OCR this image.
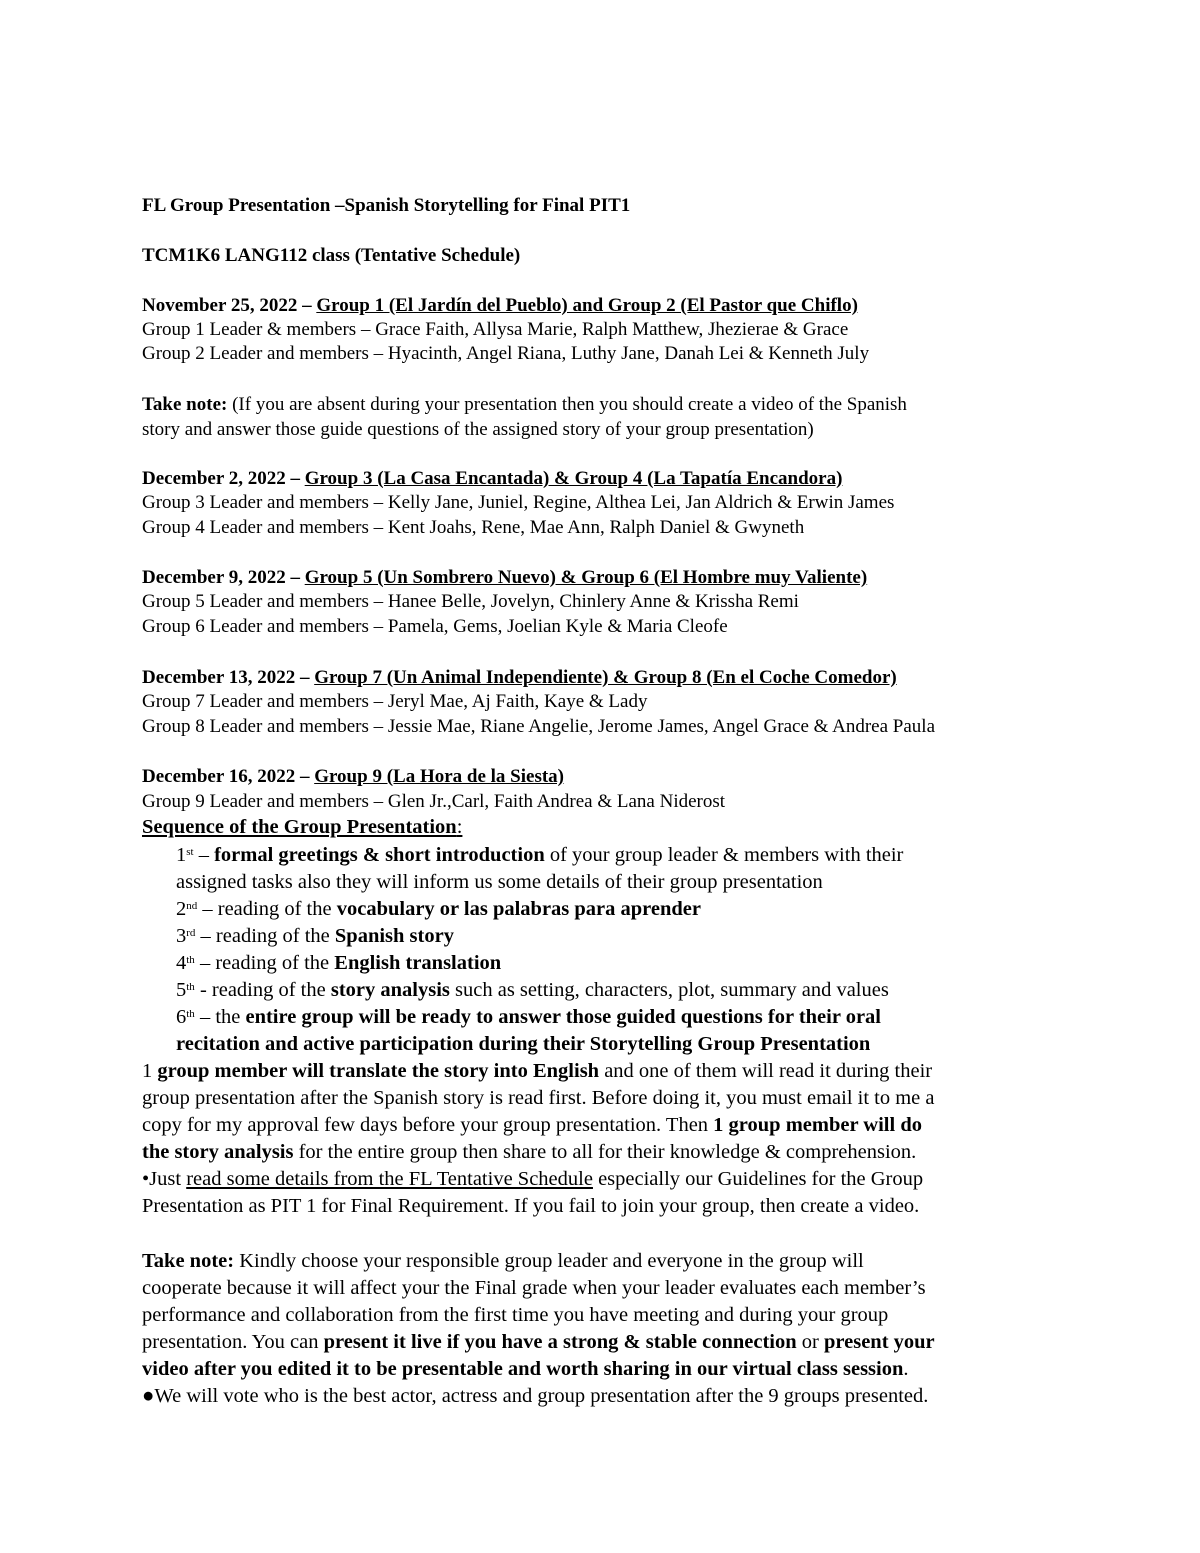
FL Group Presentation –Spanish Storytelling for Final PIT1
TCM1K6 LANG112 class (Tentative Schedule)
November 25, 2022 – Group 1 (El Jardín del Pueblo) and Group 2 (El Pastor que Chiflo)
Group 1 Leader & members – Grace Faith, Allysa Marie, Ralph Matthew, Jhezierae & Grace
Group 2 Leader and members – Hyacinth, Angel Riana, Luthy Jane, Danah Lei & Kenneth July
Take note: (If you are absent during your presentation then you should create a video of the Spanish
story and answer those guide questions of the assigned story of your group presentation)
December 2, 2022 – Group 3 (La Casa Encantada) & Group 4 (La Tapatía Encandora)
Group 3 Leader and members – Kelly Jane, Juniel, Regine, Althea Lei, Jan Aldrich & Erwin James
Group 4 Leader and members – Kent Joahs, Rene, Mae Ann, Ralph Daniel & Gwyneth
December 9, 2022 – Group 5 (Un Sombrero Nuevo) & Group 6 (El Hombre muy Valiente)
Group 5 Leader and members – Hanee Belle, Jovelyn, Chinlery Anne & Krissha Remi
Group 6 Leader and members – Pamela, Gems, Joelian Kyle & Maria Cleofe
December 13, 2022 – Group 7 (Un Animal Independiente) & Group 8 (En el Coche Comedor)
Group 7 Leader and members – Jeryl Mae, Aj Faith, Kaye & Lady
Group 8 Leader and members – Jessie Mae, Riane Angelie, Jerome James, Angel Grace & Andrea Paula
December 16, 2022 – Group 9 (La Hora de la Siesta)
Group 9 Leader and members – Glen Jr.,Carl, Faith Andrea & Lana Niderost
Sequence of the Group Presentation:
1st – formal greetings & short introduction of your group leader & members with their
assigned tasks also they will inform us some details of their group presentation
2nd – reading of the vocabulary or las palabras para aprender
3rd – reading of the Spanish story
4th – reading of the English translation
5th - reading of the story analysis such as setting, characters, plot, summary and values
6th – the entire group will be ready to answer those guided questions for their oral
recitation and active participation during their Storytelling Group Presentation
1 group member will translate the story into English and one of them will read it during their
group presentation after the Spanish story is read first. Before doing it, you must email it to me a
copy for my approval few days before your group presentation. Then 1 group member will do
the story analysis for the entire group then share to all for their knowledge & comprehension.
•Just read some details from the FL Tentative Schedule especially our Guidelines for the Group
Presentation as PIT 1 for Final Requirement. If you fail to join your group, then create a video.
Take note: Kindly choose your responsible group leader and everyone in the group will
cooperate because it will affect your the Final grade when your leader evaluates each member’s
performance and collaboration from the first time you have meeting and during your group
presentation. You can present it live if you have a strong & stable connection or present your
video after you edited it to be presentable and worth sharing in our virtual class session.
●We will vote who is the best actor, actress and group presentation after the 9 groups presented.
